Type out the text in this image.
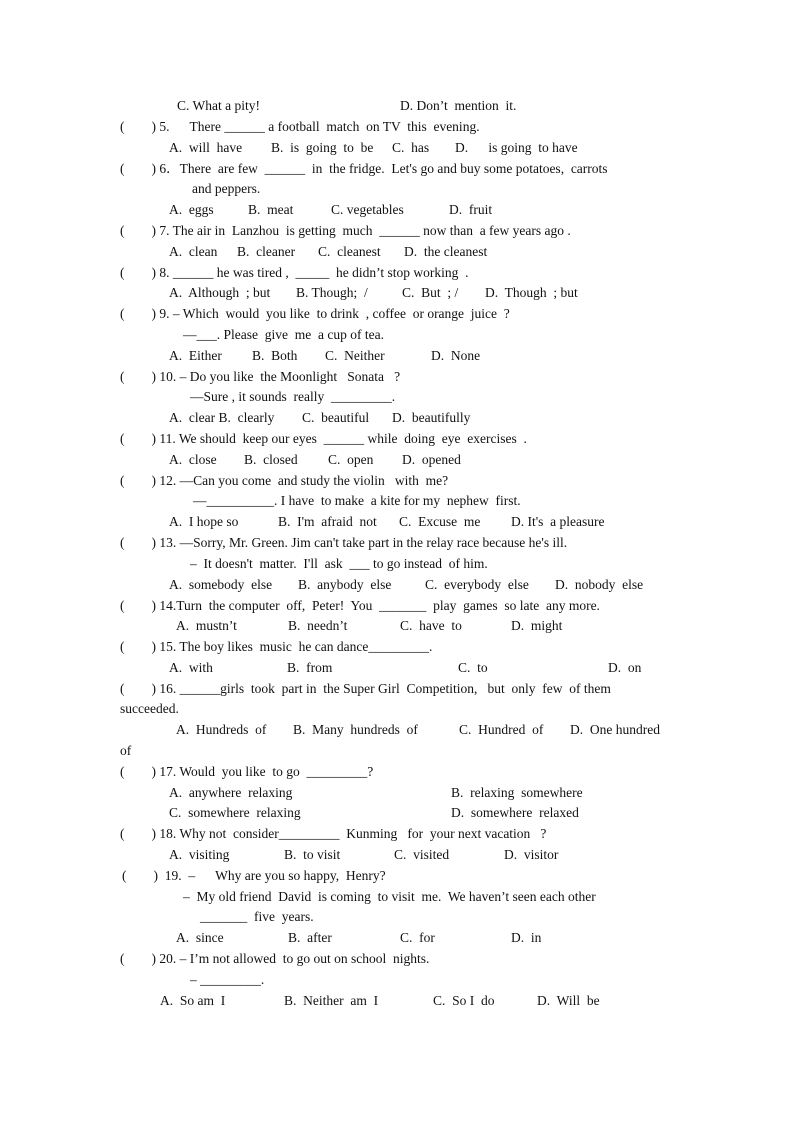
C. What a pity!	D. Don’t  mention  it.
(        ) 5.      There ______ a football  match  on TV  this  evening.
A.  will  have B.  is  going  to  be C.  has D.      is going  to have
(        ) 6．There  are few  ______  in  the fridge.  Let's go and buy some potatoes,  carrots
and peppers.
A.  eggs	B.  meat	C. vegetables	D.  fruit
(        ) 7. The air in  Lanzhou  is getting  much  ______ now than  a few years ago .
A.  clean B.  cleaner C.  cleanest D.  the cleanest
(        ) 8. ______ he was tired ,  _____  he didn’t stop working  .
A.  Although  ; but B. Though;  /	C.  But  ; / D.  Though  ; but
(        ) 9. – Which  would  you like  to drink  , coffee  or orange  juice  ?
—___. Please  give  me  a cup of tea.
A.  Either B.  Both C.  Neither	D.  None
(        ) 10. – Do you like  the Moonlight   Sonata   ?
—Sure , it sounds  really  _________.
A.  clear B.  clearly C.  beautiful D.  beautifully
(        ) 11. We should  keep our eyes  ______ while  doing  eye  exercises  .
A.  close B.  closed C.  open D.  opened
(        ) 12. —Can you come  and study the violin   with  me?
—__________. I have  to make  a kite for my  nephew  first.
A.  I hope so	B.  I'm  afraid  not C.  Excuse  me D. It's  a pleasure
(        ) 13. —Sorry, Mr. Green. Jim can't take part in the relay race because he's ill.
–  It doesn't  matter.  I'll  ask  ___ to go instead  of him.
A.  somebody  else B.  anybody  else C.  everybody  else D.  nobody  else
(        ) 14.Turn  the computer  off,  Peter!  You  _______  play  games  so late  any more.
A.  mustn’t	B.  needn’t	C.  have  to	D.  might
(        ) 15. The boy likes  music  he can dance_________.
A.  with	B.  from	C.  to	D.  on
(        ) 16. ______girls  took  part in  the Super Girl  Competition,   but  only  few  of them
succeeded.
A.  Hundreds  of B.  Many  hundreds  of	C.  Hundred  of D.  One hundred
of
(        ) 17. Would  you like  to go  _________?
A.  anywhere  relaxing	B.  relaxing  somewhere
C.  somewhere  relaxing	D.  somewhere  relaxed
(        ) 18. Why not  consider_________  Kunming   for  your next vacation   ?
A.  visiting	B.  to visit	C.  visited	D.  visitor
(        )  19.  –      Why are you so happy,  Henry?
–  My old friend  David  is coming  to visit  me.  We haven’t seen each other
_______  five  years.
A.  since	B.  after	C.  for	D.  in
(        ) 20. – I’m not allowed  to go out on school  nights.
– _________.
A.  So am  I	B.  Neither  am  I	C.  So I  do	D.  Will  be
